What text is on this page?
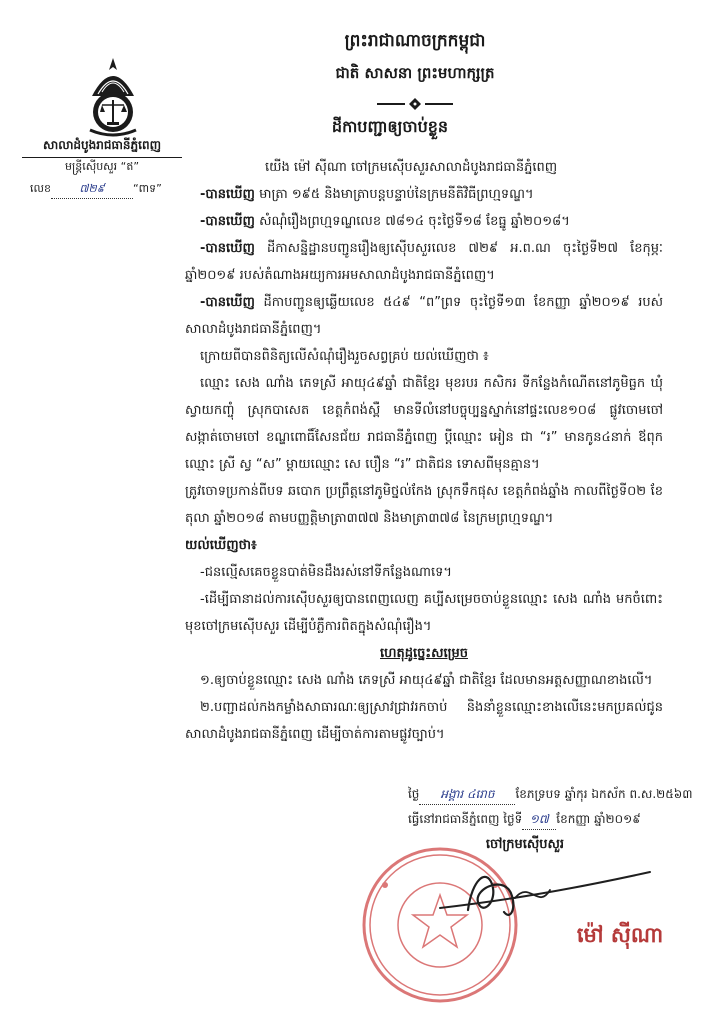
ព្រះរាជាណាចក្រកម្ពុជា
ជាតិ សាសនា ព្រះមហាក្សត្រ
សាលាដំបូងរាជធានីភ្នំពេញ
មន្ត្រីស៊ើបសួរ “ឥ”
លេខ	៧២៩	“ពាទ”
ដីកាបញ្ជាឲ្យចាប់ខ្លួន

យើង ម៉ៅ ស៊ីណា ចៅក្រមស៊ើបសួរសាលាដំបូងរាជធានីភ្នំពេញ

-បានឃើញ មាត្រា ១៩៥ និងមាត្រាបន្តបន្ទាប់នៃក្រមនីតិវិធីព្រហ្មទណ្ឌ។

-បានឃើញ សំណុំរឿងព្រហ្មទណ្ឌលេខ ៧៨១៤ ចុះថ្ងៃទី១៨ ខែធ្នូ ឆ្នាំ២០១៨។

-បានឃើញ ដីកាសន្និដ្ឋានបញ្ជូនរឿងឲ្យស៊ើបសួរលេខ ៧២៩ អ.ព.ណ ចុះថ្ងៃទី២៧ ខែកុម្ភៈ ឆ្នាំ២០១៩ របស់តំណាងអយ្យការអមសាលាដំបូងរាជធានីភ្នំពេញ។

-បានឃើញ ដីកាបញ្ជូនឲ្យឆ្លើយលេខ ៥៤៩ “ព”ព្រទ ចុះថ្ងៃទី១៣ ខែកញ្ញា ឆ្នាំ២០១៩ របស់សាលាដំបូងរាជធានីភ្នំពេញ។

ក្រោយពីបានពិនិត្យលើសំណុំរឿងរួចសព្វគ្រប់ យល់ឃើញថា ៖

ឈ្មោះ សេង ណាំង ភេទស្រី អាយុ៤៩ឆ្នាំ ជាតិខ្មែរ មុខរបរ កសិករ ទីកន្លែងកំណើតនៅភូមិធ្លក ឃុំស្វាយកញ្ចុំ ស្រុកបាសេត ខេត្តកំពង់ស្ពឺ មានទីលំនៅបច្ចុប្បន្នស្នាក់នៅផ្ទះលេខ១០៨ ផ្លូវចោមចៅ សង្កាត់ចោមចៅ ខណ្ឌពោធិ៍សែនជ័យ រាជធានីភ្នំពេញ ប្តីឈ្មោះ អៀន ជា “រ” មានកូន៤នាក់ ឪពុកឈ្មោះ ស្រី ស្វ “ស” ម្តាយឈ្មោះ សេ បឿន “រ” ជាតិជន ទោសពីមុនគ្មាន។

ត្រូវចោទប្រកាន់ពីបទ ឆបោក ប្រព្រឹត្តនៅភូមិថ្នល់កែង ស្រុកទឹកផុស ខេត្តកំពង់ឆ្នាំង កាលពីថ្ងៃទី០២ ខែតុលា ឆ្នាំ២០១៨ តាមបញ្ញត្តិមាត្រា៣៧៧ និងមាត្រា៣៧៨ នៃក្រមព្រហ្មទណ្ឌ។

យល់ឃើញថា៖

-ជនល្មើសគេចខ្លួនបាត់មិនដឹងរស់នៅទីកន្លែងណាទេ។

-ដើម្បីធានាដល់ការស៊ើបសួរឲ្យបានពេញលេញ គប្បីសម្រេចចាប់ខ្លួនឈ្មោះ សេង ណាំង មកចំពោះមុខចៅក្រមស៊ើបសួរ ដើម្បីបំភ្លឺការពិតក្នុងសំណុំរឿង។

ហេតុដូច្នេះសម្រេច

១.ឲ្យចាប់ខ្លួនឈ្មោះ សេង ណាំង ភេទស្រី អាយុ៤៩ឆ្នាំ ជាតិខ្មែរ ដែលមានអត្តសញ្ញាណខាងលើ។

២.បញ្ជាដល់កងកម្លាំងសាធារណៈឲ្យស្រាវជ្រាវរកចាប់ និងនាំខ្លួនឈ្មោះខាងលើនេះមកប្រគល់ជូនសាលាដំបូងរាជធានីភ្នំពេញ ដើម្បីចាត់ការតាមផ្លូវច្បាប់។

ថ្ងៃ អង្គារ ៤រោច ខែភទ្របទ ឆ្នាំកុរ ឯកស័ក ព.ស.២៥៦៣
ធ្វើនៅរាជធានីភ្នំពេញ ថ្ងៃទី ១៧ ខែកញ្ញា ឆ្នាំ២០១៩
ចៅក្រមស៊ើបសួរ
ម៉ៅ ស៊ីណា
